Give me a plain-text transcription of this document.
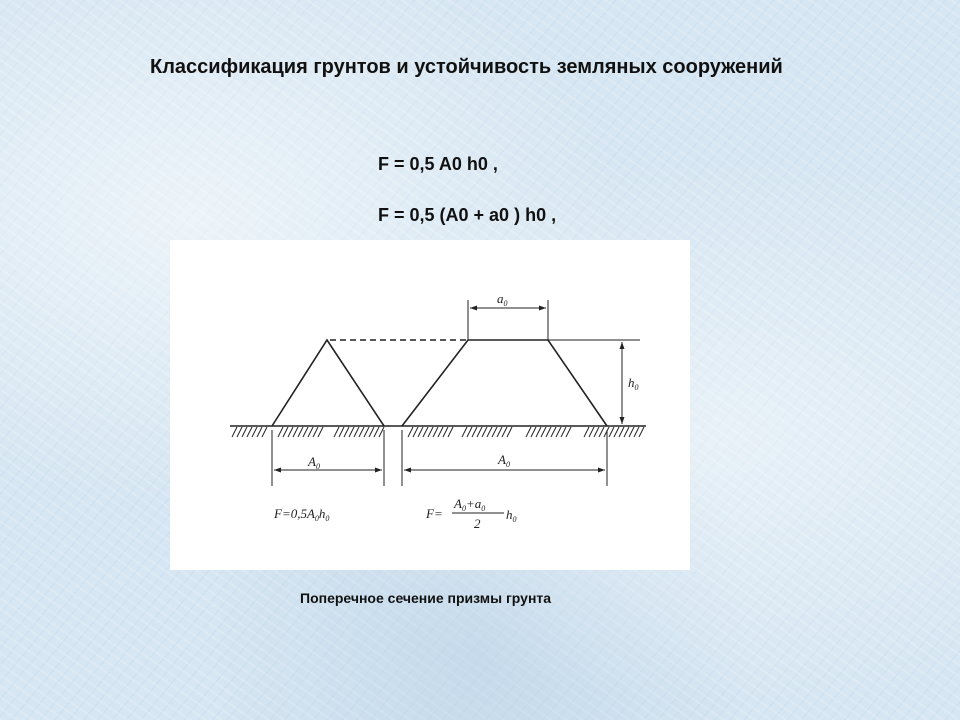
Классификация грунтов и устойчивость земляных сооружений
F = 0,5 A0 h0 ,
F = 0,5 (A0 + a0 ) h0 ,
$a_0$
$h_0$
$A_0$	$A_0$
$F=0,5A_0h_0$	F=
$A_0+a_0$
2
$h_0$
Поперечное сечение призмы грунта
